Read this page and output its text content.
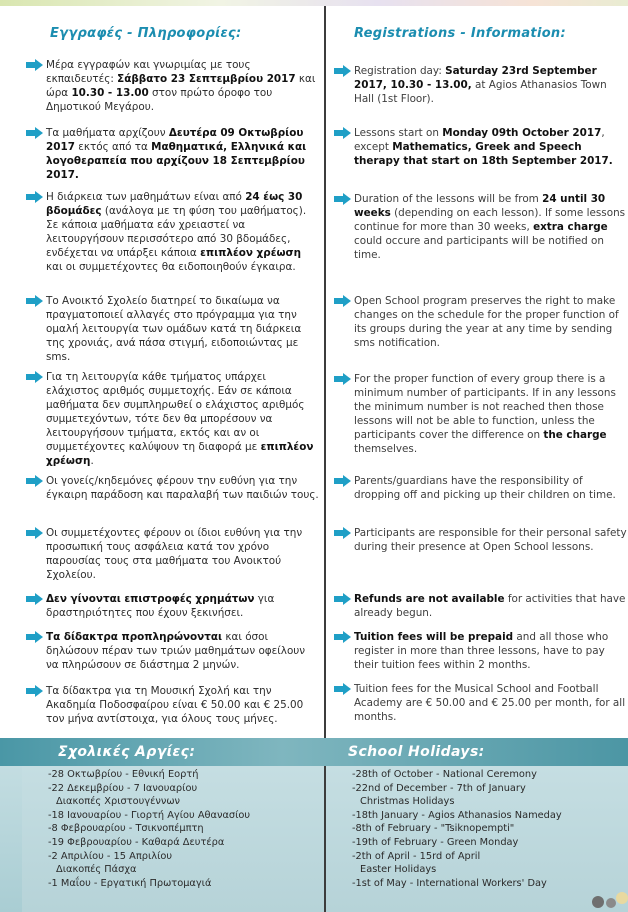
Εγγραφές - Πληροφορίες:
Μέρα εγγραφών και γνωριμίας με τους εκπαιδευτές: Σάββατο 23 Σεπτεμβρίου 2017 και ώρα 10.30 - 13.00 στον πρώτο όροφο του Δημοτικού Μεγάρου.
Τα μαθήματα αρχίζουν Δευτέρα 09 Οκτωβρίου 2017 εκτός από τα Μαθηματικά, Ελληνικά και λογοθεραπεία που αρχίζουν 18 Σεπτεμβρίου 2017.
Η διάρκεια των μαθημάτων είναι από 24 έως 30 βδομάδες (ανάλογα με τη φύση του μαθήματος). Σε κάποια μαθήματα εάν χρειαστεί να λειτουργήσουν περισσότερο από 30 βδομάδες, ενδέχεται να υπάρξει κάποια επιπλέον χρέωση και οι συμμετέχοντες θα ειδοποιηθούν έγκαιρα.
Το Ανοικτό Σχολείο διατηρεί το δικαίωμα να πραγματοποιεί αλλαγές στο πρόγραμμα για την ομαλή λειτουργία των ομάδων κατά τη διάρκεια της χρονιάς, ανά πάσα στιγμή, ειδοποιώντας με sms.
Για τη λειτουργία κάθε τμήματος υπάρχει ελάχιστος αριθμός συμμετοχής. Εάν σε κάποια μαθήματα δεν συμπληρωθεί ο ελάχιστος αριθμός συμμετεχόντων, τότε δεν θα μπορέσουν να λειτουργήσουν τμήματα, εκτός και αν οι συμμετέχοντες καλύψουν τη διαφορά με επιπλέον χρέωση.
Οι γονείς/κηδεμόνες φέρουν την ευθύνη για την έγκαιρη παράδοση και παραλαβή των παιδιών τους.
Οι συμμετέχοντες φέρουν οι ίδιοι ευθύνη για την προσωπική τους ασφάλεια κατά τον χρόνο παρουσίας τους στα μαθήματα του Ανοικτού Σχολείου.
Δεν γίνονται επιστροφές χρημάτων για δραστηριότητες που έχουν ξεκινήσει.
Τα δίδακτρα προπληρώνονται και όσοι δηλώσουν πέραν των τριών μαθημάτων οφείλουν να πληρώσουν σε διάστημα 2 μηνών.
Τα δίδακτρα για τη Μουσική Σχολή και την Ακαδημία Ποδοσφαίρου είναι € 50.00 και € 25.00 τον μήνα αντίστοιχα, για όλους τους μήνες.
Registrations - Information:
Registration day: Saturday 23rd September 2017, 10.30 - 13.00, at Agios Athanasios Town Hall (1st Floor).
Lessons start on Monday 09th October 2017, except Mathematics, Greek and Speech therapy that start on 18th September 2017.
Duration of the lessons will be from 24 until 30 weeks (depending on each lesson). If some lessons continue for more than 30 weeks, extra charge could occure and participants will be notified on time.
Open School program preserves the right to make changes on the schedule for the proper function of its groups during the year at any time by sending sms notification.
For the proper function of every group there is a minimum number of participants. If in any lessons the minimum number is not reached then those lessons will not be able to function, unless the participants cover the difference on the charge themselves.
Parents/guardians have the responsibility of dropping off and picking up their children on time.
Participants are responsible for their personal safety during their presence at Open School lessons.
Refunds are not available for activities that have already begun.
Tuition fees will be prepaid and all those who register in more than three lessons, have to pay their tuition fees within 2 months.
Tuition fees for the Musical School and Football Academy are € 50.00 and € 25.00 per month, for all months.
Σχολικές Αργίες:	School Holidays:
-28 Οκτωβρίου - Εθνική Εορτή
-22 Δεκεμβρίου - 7 Ιανουαρίου
Διακοπές Χριστουγέννων
-18 Ιανουαρίου - Γιορτή Αγίου Αθανασίου
-8 Φεβρουαρίου - Τσικνοπέμπτη
-19 Φεβρουαρίου - Καθαρά Δευτέρα
-2 Απριλίου - 15 Απριλίου
Διακοπές Πάσχα
-1 Μαΐου - Εργατική Πρωτομαγιά
-28th of October - National Ceremony
-22nd of December - 7th of January
Christmas Holidays
-18th January - Agios Athanasios Nameday
-8th of February - "Tsiknopempti"
-19th of February - Green Monday
-2th of April - 15rd of April
Easter Holidays
-1st of May - International Workers' Day
